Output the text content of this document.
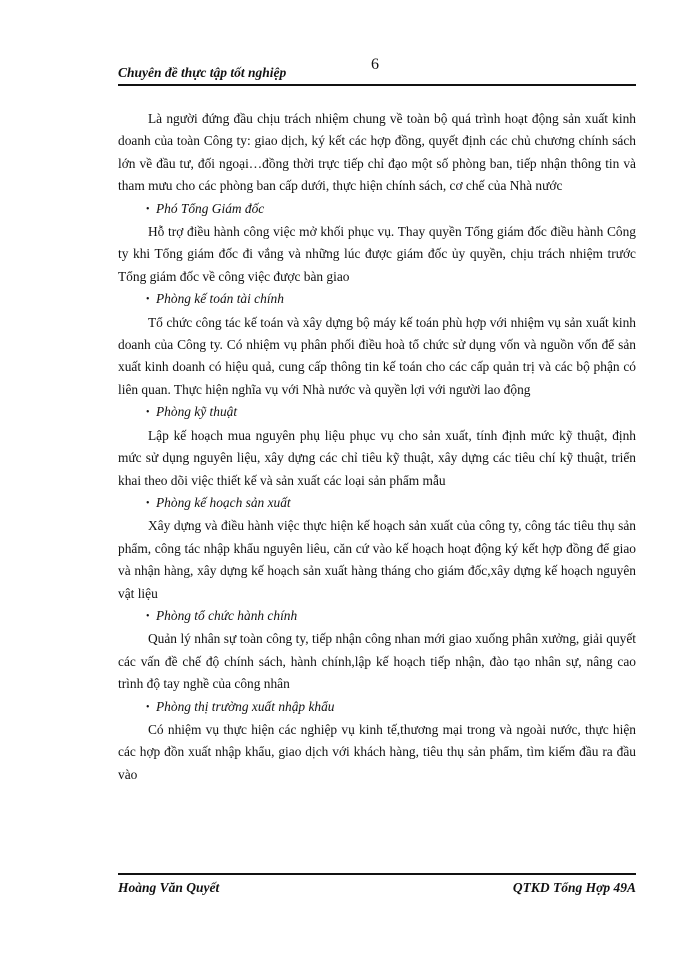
Chuyên đề thực tập tốt nghiệp	6

Là người đứng đầu chịu trách nhiệm chung về toàn bộ quá trình hoạt động sản xuất kinh doanh của toàn Công ty: giao dịch, ký kết các hợp đồng, quyết định các chủ chương chính sách lớn về đầu tư, đối ngoại…đồng thời trực tiếp chỉ đạo một số phòng ban, tiếp nhận thông tin và tham mưu cho các phòng ban cấp dưới, thực hiện chính sách, cơ chế của Nhà nước

• Phó Tổng Giám đốc

Hỗ trợ điều hành công việc mở khối phục vụ. Thay quyền Tổng giám đốc điều hành Công ty khi Tổng giám đốc đi vắng và những lúc được giám đốc ủy quyền, chịu trách nhiệm trước Tổng giám đốc về công việc được bàn giao

• Phòng kế toán tài chính

Tổ chức công tác kế toán và xây dựng bộ máy kế toán phù hợp với nhiệm vụ sản xuất kinh doanh của Công ty. Có nhiệm vụ phân phối điều hoà tổ chức sử dụng vốn và nguồn vốn để sản xuất kinh doanh có hiệu quả, cung cấp thông tin kế toán cho các cấp quản trị và các bộ phận có liên quan. Thực hiện nghĩa vụ với Nhà nước và quyền lợi với người lao động

• Phòng kỹ thuật

Lập kế hoạch mua nguyên phụ liệu phục vụ cho sản xuất, tính định mức kỹ thuật, định mức sử dụng nguyên liệu, xây dựng các chỉ tiêu kỹ thuật, xây dựng các tiêu chí kỹ thuật, triển khai theo dõi việc thiết kế và sản xuất các loại sản phẩm mẫu

• Phòng kế hoạch sản xuất

Xây dựng và điều hành việc thực hiện kế hoạch sản xuất của công ty, công tác tiêu thụ sản phẩm, công tác nhập khẩu nguyên liêu, căn cứ vào kế hoạch hoạt động ký kết hợp đồng để giao và nhận hàng, xây dựng kế hoạch sản xuất hàng tháng cho giám đốc,xây dựng kế hoạch nguyên vật liệu

• Phòng tổ chức hành chính

Quản lý nhân sự toàn công ty, tiếp nhận công nhan mới giao xuống phân xưởng, giải quyết các vấn đề chế độ chính sách, hành chính,lập kế hoạch tiếp nhận, đào tạo nhân sự, nâng cao trình độ tay nghề của công nhân

• Phòng thị trường xuất nhập khẩu

Có nhiệm vụ thực hiện các nghiệp vụ kinh tế,thương mại trong và ngoài nước, thực hiện các hợp đồn xuất nhập khẩu, giao dịch với khách hàng, tiêu thụ sản phẩm, tìm kiếm đầu ra đầu vào

Hoàng Văn Quyết	QTKD Tổng Hợp 49A
